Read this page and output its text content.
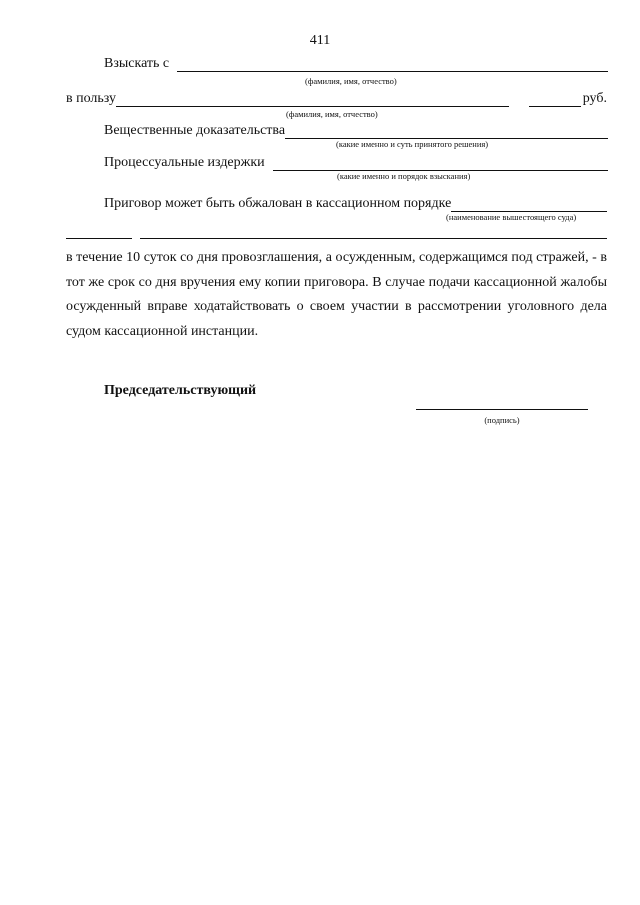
411
Взыскать с
(фамилия, имя, отчество)
в пользу	руб.
(фамилия, имя, отчество)
Вещественные доказательства
(какие именно и суть принятого решения)
Процессуальные издержки
(какие именно и порядок взыскания)
Приговор может быть обжалован в кассационном порядке
(наименование вышестоящего суда)
в течение 10 суток со дня провозглашения, а осужденным, содержащимся под стражей, - в тот же срок со дня вручения ему копии приговора. В случае подачи кассационной жалобы осужденный вправе ходатайствовать о своем участии в рассмотрении уголовного дела судом кассационной инстанции.
Председательствующий
(подпись)
